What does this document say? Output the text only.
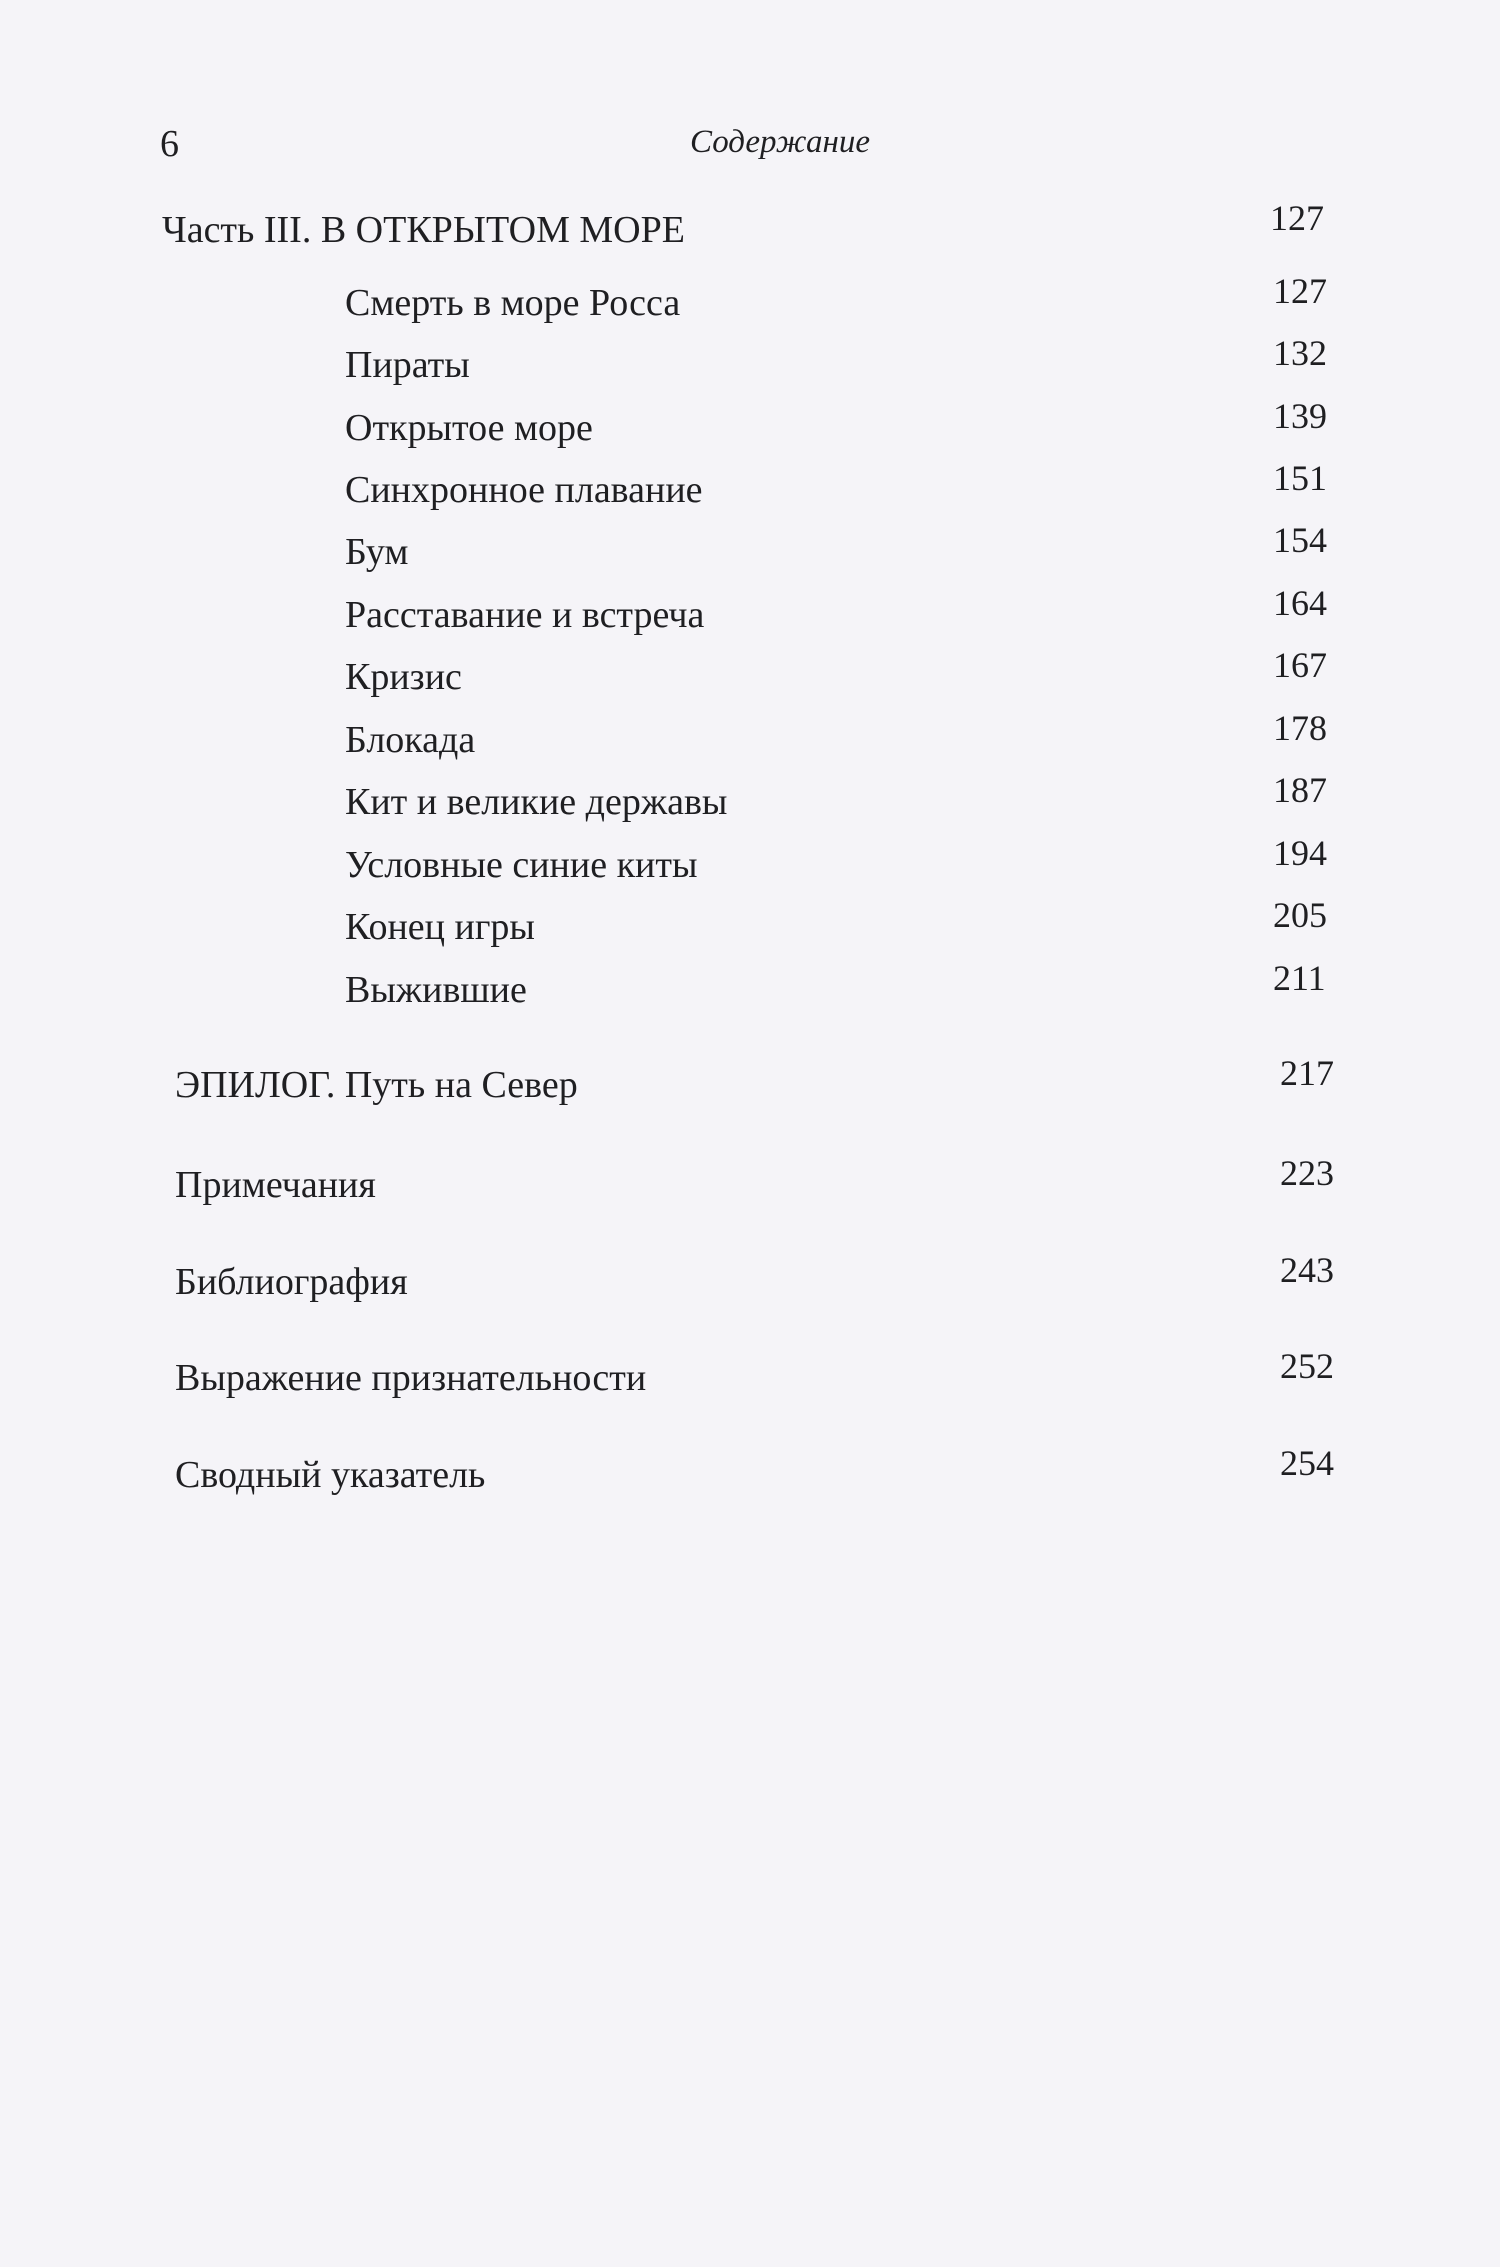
6	Содержание
Часть III. В ОТКРЫТОМ МОРЕ	127
Смерть в море Росса	127
Пираты	132
Открытое море	139
Синхронное плавание	151
Бум	154
Расставание и встреча	164
Кризис	167
Блокада	178
Кит и великие державы	187
Условные синие киты	194
Конец игры	205
Выжившие	211
ЭПИЛОГ. Путь на Север	217
Примечания	223
Библиография	243
Выражение признательности	252
Сводный указатель	254
